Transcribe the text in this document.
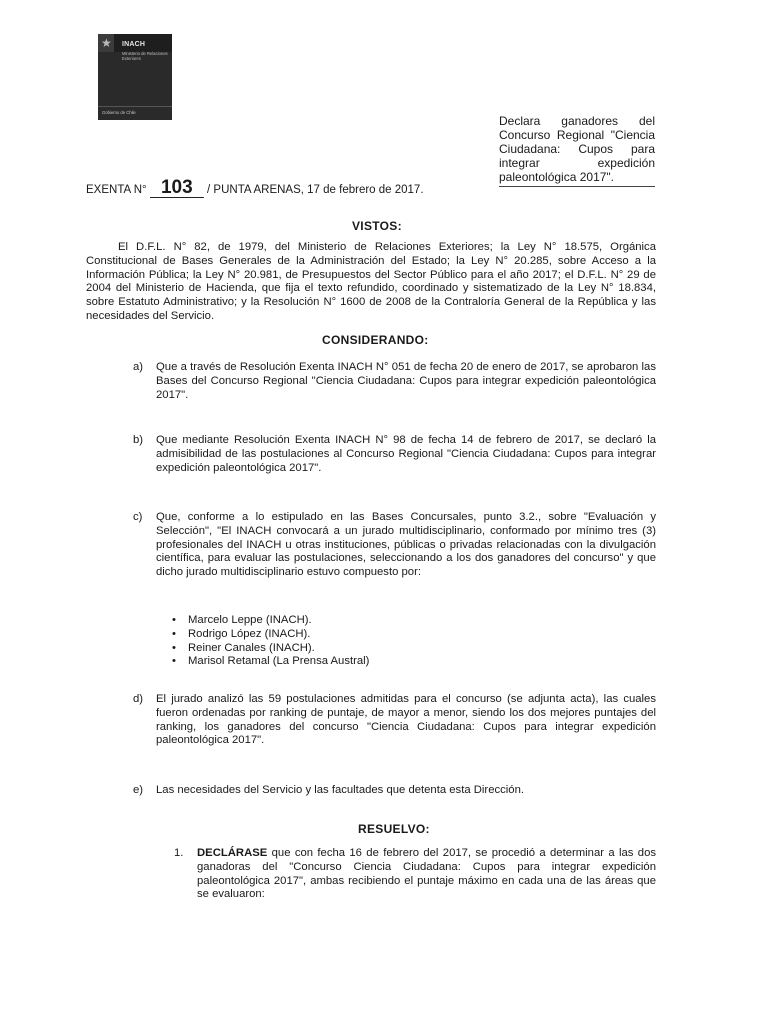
★ INACH
Ministerio de Relaciones Exteriores
Gobierno de Chile
Declara ganadores del Concurso Regional "Ciencia Ciudadana: Cupos para integrar expedición paleontológica 2017".
EXENTA N° 103 / PUNTA ARENAS, 17 de febrero de 2017.
VISTOS:
El D.F.L. N° 82, de 1979, del Ministerio de Relaciones Exteriores; la Ley N° 18.575, Orgánica Constitucional de Bases Generales de la Administración del Estado; la Ley N° 20.285, sobre Acceso a la Información Pública; la Ley N° 20.981, de Presupuestos del Sector Público para el año 2017; el D.F.L. N° 29 de 2004 del Ministerio de Hacienda, que fija el texto refundido, coordinado y sistematizado de la Ley N° 18.834, sobre Estatuto Administrativo; y la Resolución N° 1600 de 2008 de la Contraloría General de la República y las necesidades del Servicio.
CONSIDERANDO:
a) Que a través de Resolución Exenta INACH N° 051 de fecha 20 de enero de 2017, se aprobaron las Bases del Concurso Regional "Ciencia Ciudadana: Cupos para integrar expedición paleontológica 2017".
b) Que mediante Resolución Exenta INACH N° 98 de fecha 14 de febrero de 2017, se declaró la admisibilidad de las postulaciones al Concurso Regional "Ciencia Ciudadana: Cupos para integrar expedición paleontológica 2017".
c) Que, conforme a lo estipulado en las Bases Concursales, punto 3.2., sobre "Evaluación y Selección", "El INACH convocará a un jurado multidisciplinario, conformado por mínimo tres (3) profesionales del INACH u otras instituciones, públicas o privadas relacionadas con la divulgación científica, para evaluar las postulaciones, seleccionando a los dos ganadores del concurso" y que dicho jurado multidisciplinario estuvo compuesto por:
• Marcelo Leppe (INACH).
• Rodrigo López (INACH).
• Reiner Canales (INACH).
• Marisol Retamal (La Prensa Austral)
d) El jurado analizó las 59 postulaciones admitidas para el concurso (se adjunta acta), las cuales fueron ordenadas por ranking de puntaje, de mayor a menor, siendo los dos mejores puntajes del ranking, los ganadores del concurso "Ciencia Ciudadana: Cupos para integrar expedición paleontológica 2017".
e) Las necesidades del Servicio y las facultades que detenta esta Dirección.
RESUELVO:
1. DECLÁRASE que con fecha 16 de febrero del 2017, se procedió a determinar a las dos ganadoras del "Concurso Ciencia Ciudadana: Cupos para integrar expedición paleontológica 2017", ambas recibiendo el puntaje máximo en cada una de las áreas que se evaluaron:
